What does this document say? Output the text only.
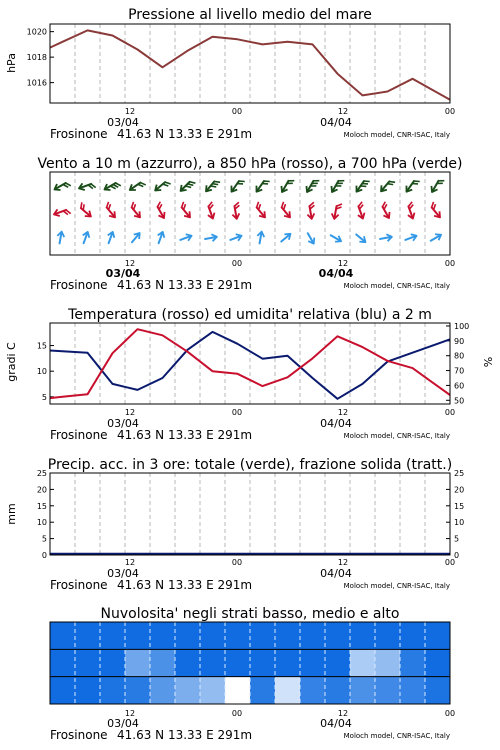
Pressione al livello medio del mare
hPa
1016
1018
1020
12	00	12	00
03/04	04/04
Frosinone 41.63 N 13.33 E 291m	Moloch model, CNR-ISAC, Italy
Vento a 10 m (azzurro), a 850 hPa (rosso), a 700 hPa (verde)
12	00	12	00
03/04	04/04
Frosinone 41.63 N 13.33 E 291m	Moloch model, CNR-ISAC, Italy
Temperatura (rosso) ed umidita' relativa (blu) a 2 m
gradi C	%
5
10
15
50
60
70
80
90
100
12	00	12	00
03/04	04/04
Frosinone 41.63 N 13.33 E 291m	Moloch model, CNR-ISAC, Italy
Precip. acc. in 3 ore: totale (verde), frazione solida (tratt.)
mm
0	0
5	5
10	10
15	15
20	20
25	25
12	00	12	00
03/04	04/04
Frosinone 41.63 N 13.33 E 291m	Moloch model, CNR-ISAC, Italy
Nuvolosita' negli strati basso, medio e alto
12	00	12	00
03/04	04/04
Frosinone 41.63 N 13.33 E 291m	Moloch model, CNR-ISAC, Italy
